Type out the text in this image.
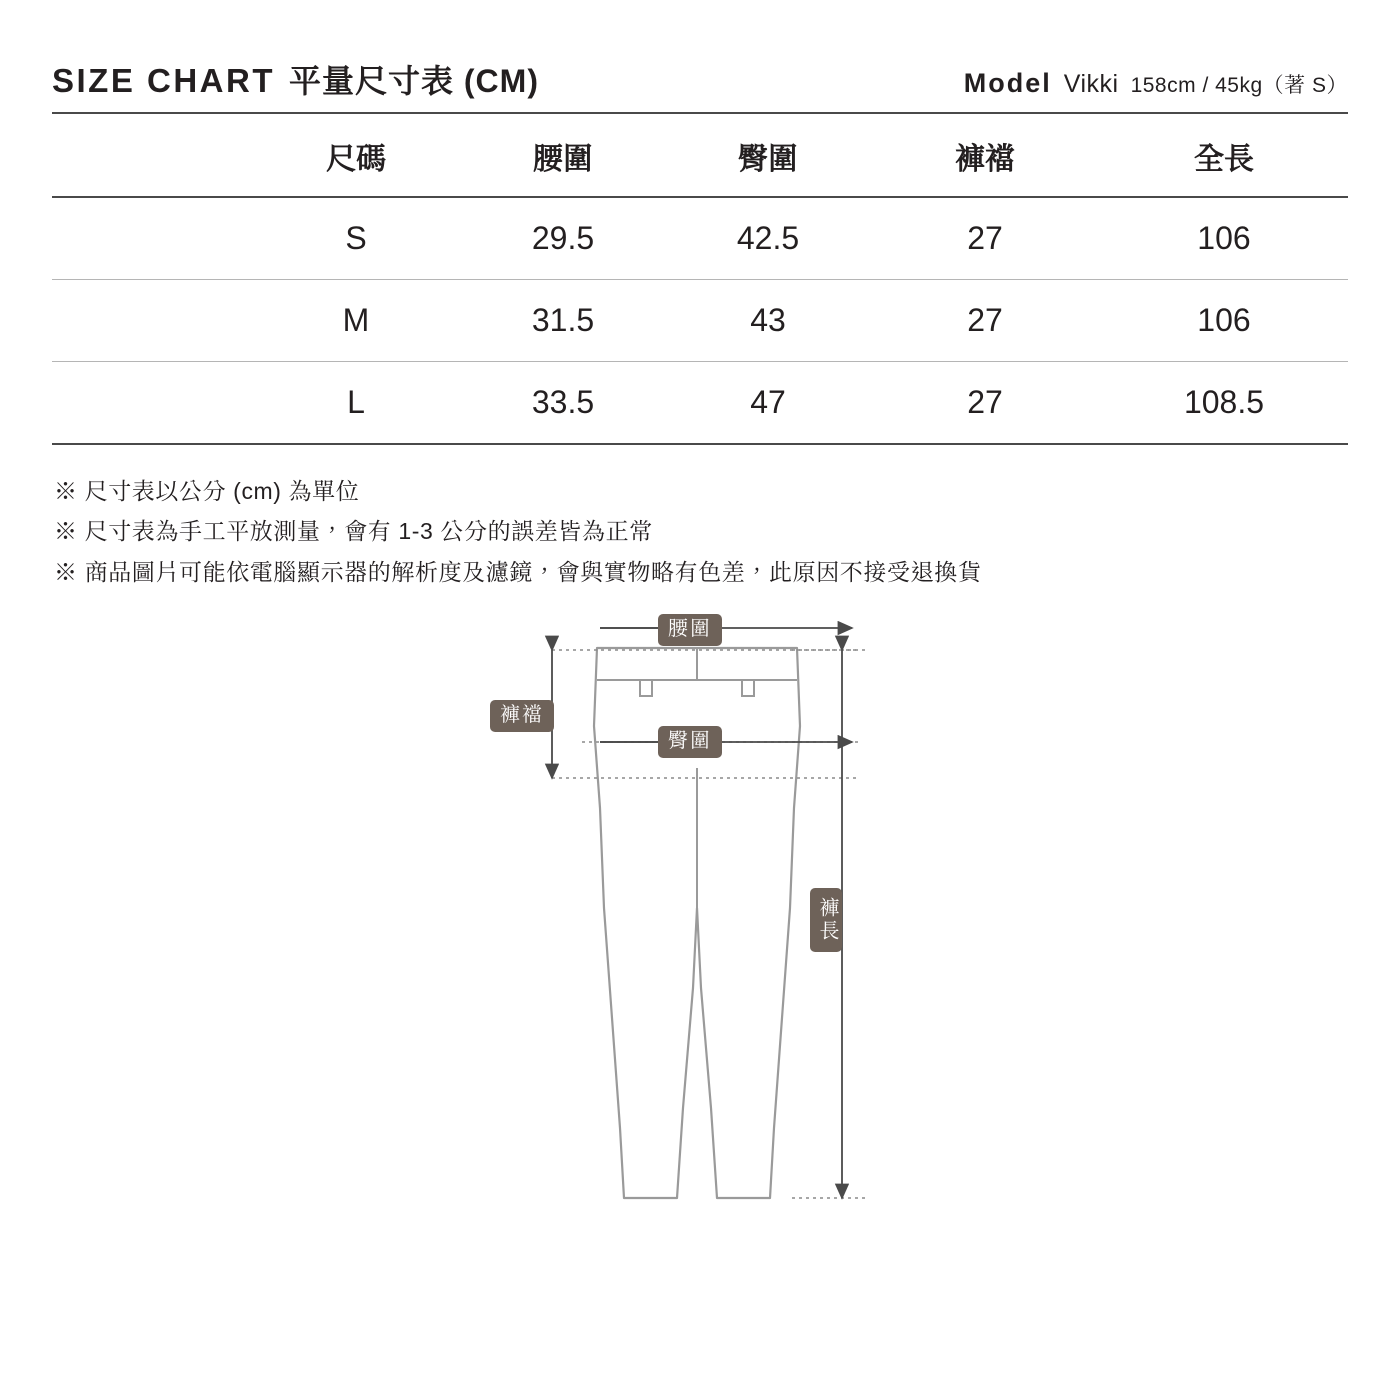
SIZE CHART 平量尺寸表 (CM)	Model Vikki 158cm / 45kg（著 S）
	尺碼	腰圍	臀圍	褲襠	全長
	S	29.5	42.5	27	106
	M	31.5	43	27	106
	L	33.5	47	27	108.5
※ 尺寸表以公分 (cm) 為單位
※ 尺寸表為手工平放測量，會有 1-3 公分的誤差皆為正常
※ 商品圖片可能依電腦顯示器的解析度及濾鏡，會與實物略有色差，此原因不接受退換貨
腰圍
臀圍
褲襠
褲長
